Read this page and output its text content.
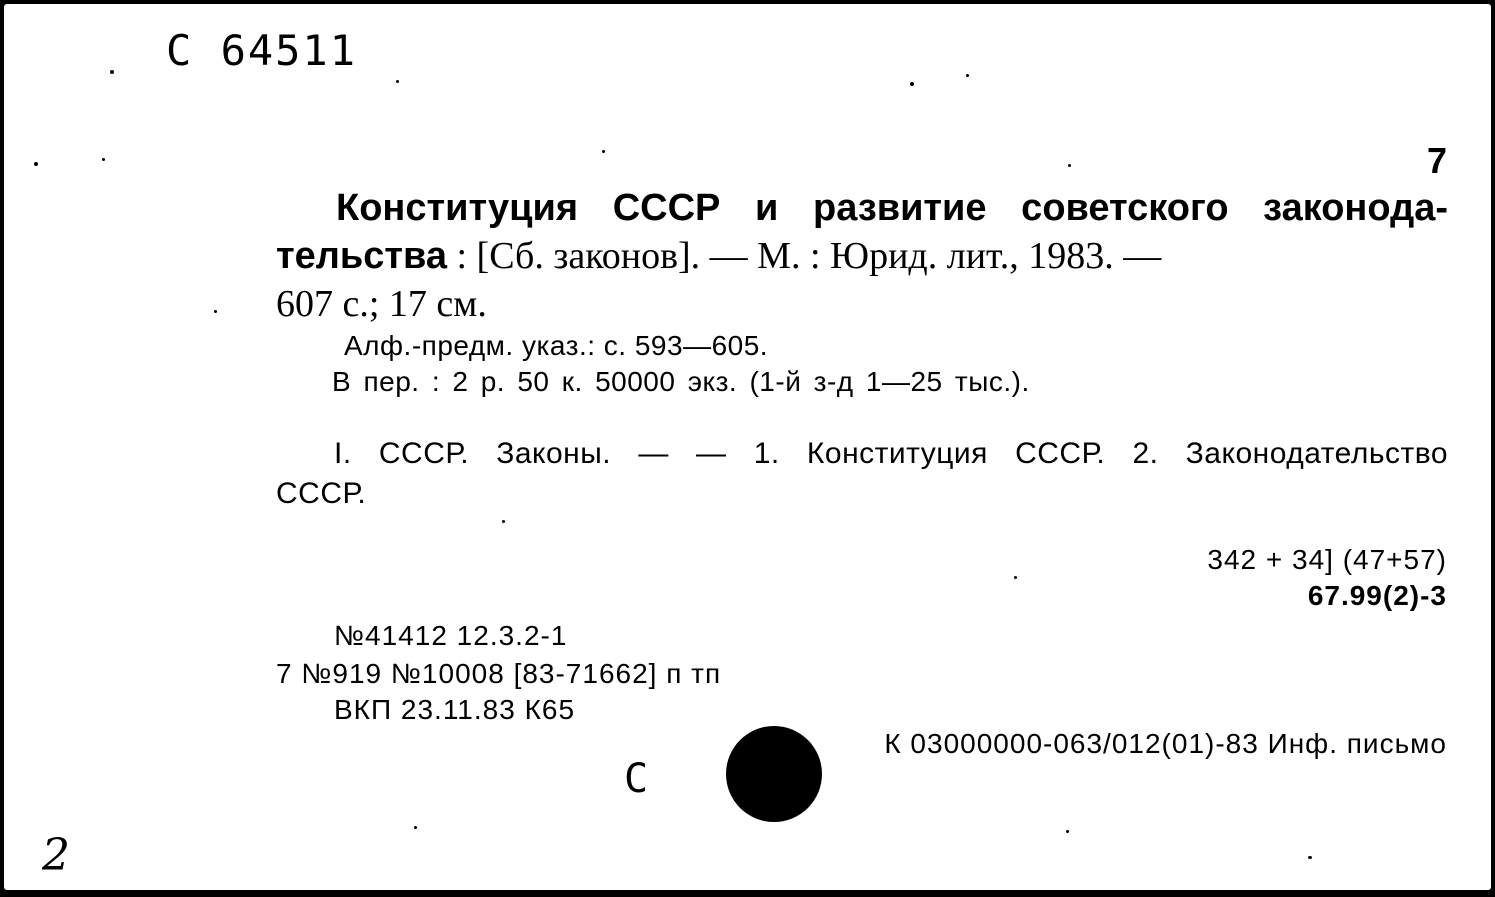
С 64511
7
Конституция СССР и развитие советского законода-
тельства : [Сб. законов]. — М. : Юрид. лит., 1983. —
607 с.; 17 см.
Алф.-предм. указ.: с. 593—605.
В пер. : 2 р. 50 к. 50000 экз. (1-й з-д 1—25 тыс.).
I. СССР. Законы. — — 1. Конституция СССР. 2. Законодательство
СССР.
342 + 34] (47+57)
67.99(2)-3
№41412 12.3.2-1
7 №919 №10008 [83-71662] п тп
ВКП 23.11.83 К65
К 03000000-063/012(01)-83 Инф. письмо
С
2
